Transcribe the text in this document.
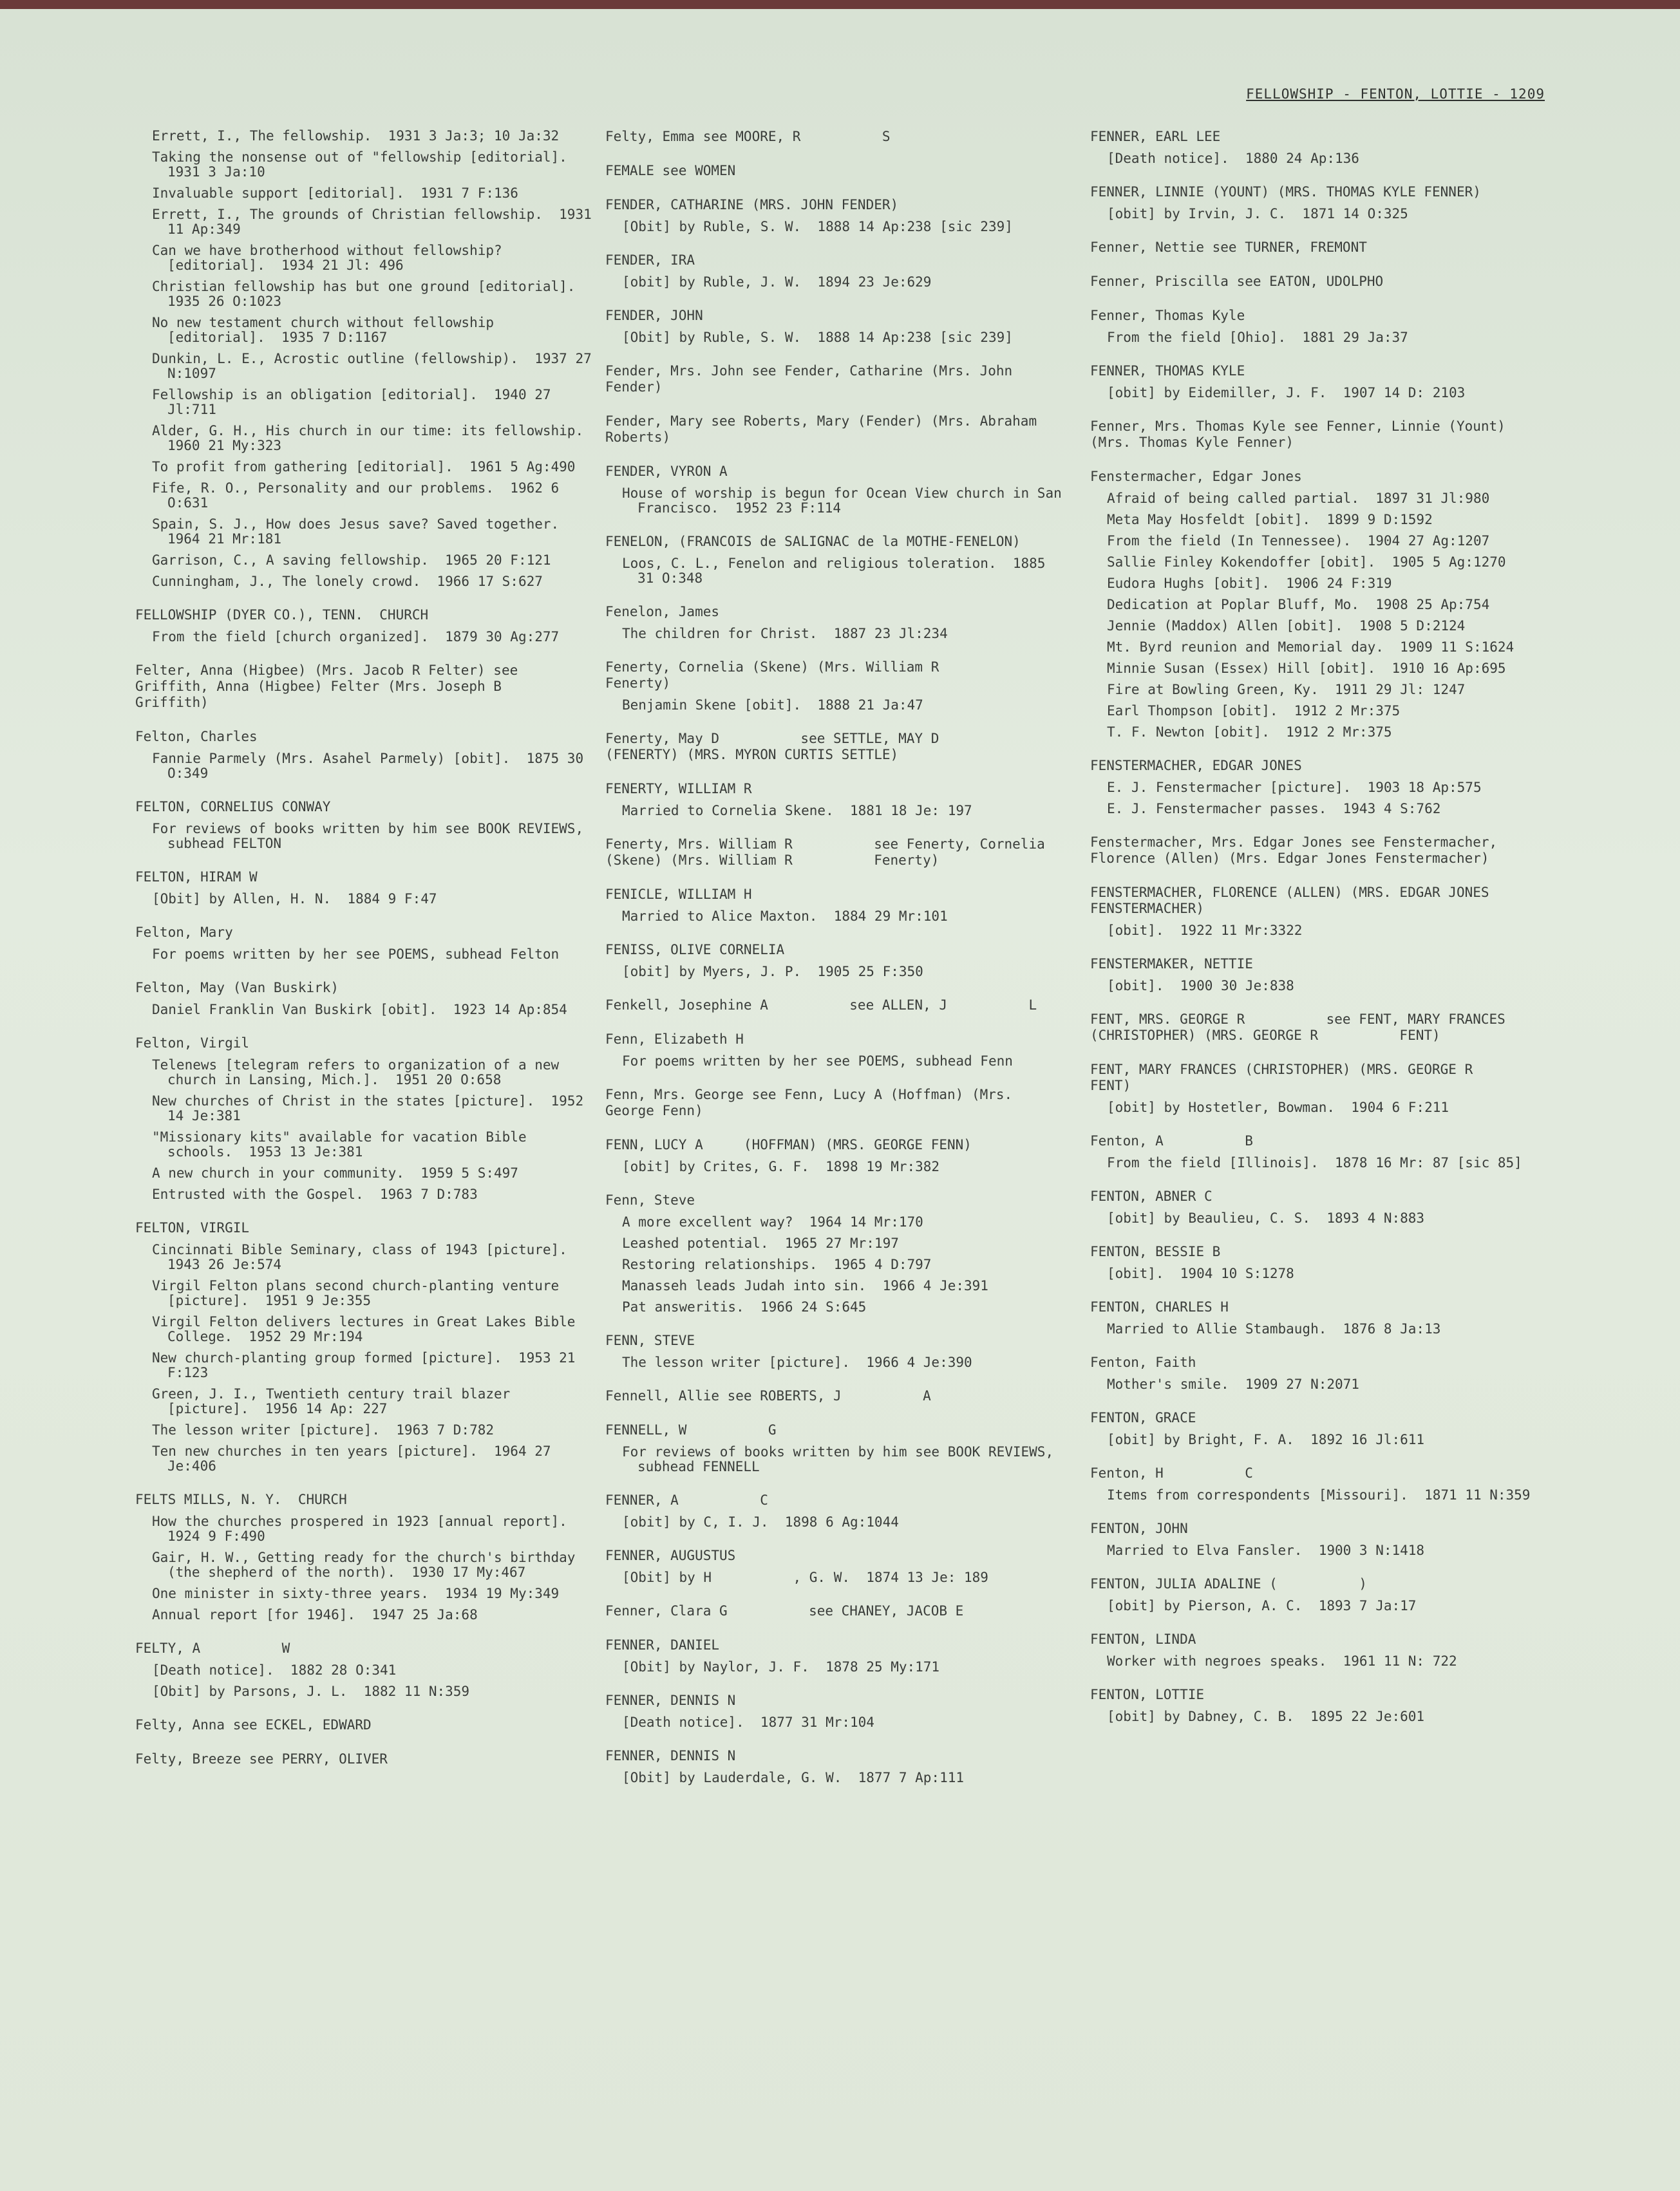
FELLOWSHIP - FENTON, LOTTIE - 1209
Errett, I., The fellowship.  1931 3 Ja:3; 10 Ja:32
Taking the nonsense out of "fellowship [editorial].  1931 3 Ja:10
Invaluable support [editorial].  1931 7 F:136
Errett, I., The grounds of Christian fellowship.  1931 11 Ap:349
Can we have brotherhood without fellowship? [editorial].  1934 21 Jl: 496
Christian fellowship has but one ground [editorial].  1935 26 O:1023
No new testament church without fellowship [editorial].  1935 7 D:1167
Dunkin, L. E., Acrostic outline (fellowship).  1937 27 N:1097
Fellowship is an obligation [editorial].  1940 27 Jl:711
Alder, G. H., His church in our time: its fellowship.  1960 21 My:323
To profit from gathering [editorial].  1961 5 Ag:490
Fife, R. O., Personality and our problems.  1962 6 O:631
Spain, S. J., How does Jesus save? Saved together.  1964 21 Mr:181
Garrison, C., A saving fellowship.  1965 20 F:121
Cunningham, J., The lonely crowd.  1966 17 S:627
FELLOWSHIP (DYER CO.), TENN.  CHURCH
From the field [church organized].  1879 30 Ag:277
Felter, Anna (Higbee) (Mrs. Jacob R Felter) see Griffith, Anna (Higbee) Felter (Mrs. Joseph B          Griffith)
Felton, Charles
Fannie Parmely (Mrs. Asahel Parmely) [obit].  1875 30 O:349
FELTON, CORNELIUS CONWAY
For reviews of books written by him see BOOK REVIEWS, subhead FELTON
FELTON, HIRAM W
[Obit] by Allen, H. N.  1884 9 F:47
Felton, Mary
For poems written by her see POEMS, subhead Felton
Felton, May (Van Buskirk)
Daniel Franklin Van Buskirk [obit].  1923 14 Ap:854
Felton, Virgil
Telenews [telegram refers to organization of a new church in Lansing, Mich.].  1951 20 O:658
New churches of Christ in the states [picture].  1952 14 Je:381
"Missionary kits" available for vacation Bible schools.  1953 13 Je:381
A new church in your community.  1959 5 S:497
Entrusted with the Gospel.  1963 7 D:783
FELTON, VIRGIL
Cincinnati Bible Seminary, class of 1943 [picture].  1943 26 Je:574
Virgil Felton plans second church-planting venture [picture].  1951 9 Je:355
Virgil Felton delivers lectures in Great Lakes Bible College.  1952 29 Mr:194
New church-planting group formed [picture].  1953 21 F:123
Green, J. I., Twentieth century trail blazer [picture].  1956 14 Ap: 227
The lesson writer [picture].  1963 7 D:782
Ten new churches in ten years [picture].  1964 27 Je:406
FELTS MILLS, N. Y.  CHURCH
How the churches prospered in 1923 [annual report].  1924 9 F:490
Gair, H. W., Getting ready for the church's birthday (the shepherd of the north).  1930 17 My:467
One minister in sixty-three years.  1934 19 My:349
Annual report [for 1946].  1947 25 Ja:68
FELTY, A          W
[Death notice].  1882 28 O:341
[Obit] by Parsons, J. L.  1882 11 N:359
Felty, Anna see ECKEL, EDWARD
Felty, Breeze see PERRY, OLIVER
Felty, Emma see MOORE, R          S
FEMALE see WOMEN
FENDER, CATHARINE (MRS. JOHN FENDER)
[Obit] by Ruble, S. W.  1888 14 Ap:238 [sic 239]
FENDER, IRA
[obit] by Ruble, J. W.  1894 23 Je:629
FENDER, JOHN
[Obit] by Ruble, S. W.  1888 14 Ap:238 [sic 239]
Fender, Mrs. John see Fender, Catharine (Mrs. John Fender)
Fender, Mary see Roberts, Mary (Fender) (Mrs. Abraham Roberts)
FENDER, VYRON A
House of worship is begun for Ocean View church in San Francisco.  1952 23 F:114
FENELON, (FRANCOIS de SALIGNAC de la MOTHE-FENELON)
Loos, C. L., Fenelon and religious toleration.  1885 31 O:348
Fenelon, James
The children for Christ.  1887 23 Jl:234
Fenerty, Cornelia (Skene) (Mrs. William R          Fenerty)
Benjamin Skene [obit].  1888 21 Ja:47
Fenerty, May D          see SETTLE, MAY D          (FENERTY) (MRS. MYRON CURTIS SETTLE)
FENERTY, WILLIAM R
Married to Cornelia Skene.  1881 18 Je: 197
Fenerty, Mrs. William R          see Fenerty, Cornelia (Skene) (Mrs. William R          Fenerty)
FENICLE, WILLIAM H
Married to Alice Maxton.  1884 29 Mr:101
FENISS, OLIVE CORNELIA
[obit] by Myers, J. P.  1905 25 F:350
Fenkell, Josephine A          see ALLEN, J          L
Fenn, Elizabeth H
For poems written by her see POEMS, subhead Fenn
Fenn, Mrs. George see Fenn, Lucy A (Hoffman) (Mrs. George Fenn)
FENN, LUCY A     (HOFFMAN) (MRS. GEORGE FENN)
[obit] by Crites, G. F.  1898 19 Mr:382
Fenn, Steve
A more excellent way?  1964 14 Mr:170
Leashed potential.  1965 27 Mr:197
Restoring relationships.  1965 4 D:797
Manasseh leads Judah into sin.  1966 4 Je:391
Pat answeritis.  1966 24 S:645
FENN, STEVE
The lesson writer [picture].  1966 4 Je:390
Fennell, Allie see ROBERTS, J          A
FENNELL, W          G
For reviews of books written by him see BOOK REVIEWS, subhead FENNELL
FENNER, A          C
[obit] by C, I. J.  1898 6 Ag:1044
FENNER, AUGUSTUS
[Obit] by H          , G. W.  1874 13 Je: 189
Fenner, Clara G          see CHANEY, JACOB E
FENNER, DANIEL
[Obit] by Naylor, J. F.  1878 25 My:171
FENNER, DENNIS N
[Death notice].  1877 31 Mr:104
FENNER, DENNIS N
[Obit] by Lauderdale, G. W.  1877 7 Ap:111
FENNER, EARL LEE
[Death notice].  1880 24 Ap:136
FENNER, LINNIE (YOUNT) (MRS. THOMAS KYLE FENNER)
[obit] by Irvin, J. C.  1871 14 O:325
Fenner, Nettie see TURNER, FREMONT
Fenner, Priscilla see EATON, UDOLPHO
Fenner, Thomas Kyle
From the field [Ohio].  1881 29 Ja:37
FENNER, THOMAS KYLE
[obit] by Eidemiller, J. F.  1907 14 D: 2103
Fenner, Mrs. Thomas Kyle see Fenner, Linnie (Yount) (Mrs. Thomas Kyle Fenner)
Fenstermacher, Edgar Jones
Afraid of being called partial.  1897 31 Jl:980
Meta May Hosfeldt [obit].  1899 9 D:1592
From the field (In Tennessee).  1904 27 Ag:1207
Sallie Finley Kokendoffer [obit].  1905 5 Ag:1270
Eudora Hughs [obit].  1906 24 F:319
Dedication at Poplar Bluff, Mo.  1908 25 Ap:754
Jennie (Maddox) Allen [obit].  1908 5 D:2124
Mt. Byrd reunion and Memorial day.  1909 11 S:1624
Minnie Susan (Essex) Hill [obit].  1910 16 Ap:695
Fire at Bowling Green, Ky.  1911 29 Jl: 1247
Earl Thompson [obit].  1912 2 Mr:375
T. F. Newton [obit].  1912 2 Mr:375
FENSTERMACHER, EDGAR JONES
E. J. Fenstermacher [picture].  1903 18 Ap:575
E. J. Fenstermacher passes.  1943 4 S:762
Fenstermacher, Mrs. Edgar Jones see Fenstermacher, Florence (Allen) (Mrs. Edgar Jones Fenstermacher)
FENSTERMACHER, FLORENCE (ALLEN) (MRS. EDGAR JONES FENSTERMACHER)
[obit].  1922 11 Mr:3322
FENSTERMAKER, NETTIE
[obit].  1900 30 Je:838
FENT, MRS. GEORGE R          see FENT, MARY FRANCES (CHRISTOPHER) (MRS. GEORGE R          FENT)
FENT, MARY FRANCES (CHRISTOPHER) (MRS. GEORGE R          FENT)
[obit] by Hostetler, Bowman.  1904 6 F:211
Fenton, A          B
From the field [Illinois].  1878 16 Mr: 87 [sic 85]
FENTON, ABNER C
[obit] by Beaulieu, C. S.  1893 4 N:883
FENTON, BESSIE B
[obit].  1904 10 S:1278
FENTON, CHARLES H
Married to Allie Stambaugh.  1876 8 Ja:13
Fenton, Faith
Mother's smile.  1909 27 N:2071
FENTON, GRACE
[obit] by Bright, F. A.  1892 16 Jl:611
Fenton, H          C
Items from correspondents [Missouri].  1871 11 N:359
FENTON, JOHN
Married to Elva Fansler.  1900 3 N:1418
FENTON, JULIA ADALINE (          )
[obit] by Pierson, A. C.  1893 7 Ja:17
FENTON, LINDA
Worker with negroes speaks.  1961 11 N: 722
FENTON, LOTTIE
[obit] by Dabney, C. B.  1895 22 Je:601
